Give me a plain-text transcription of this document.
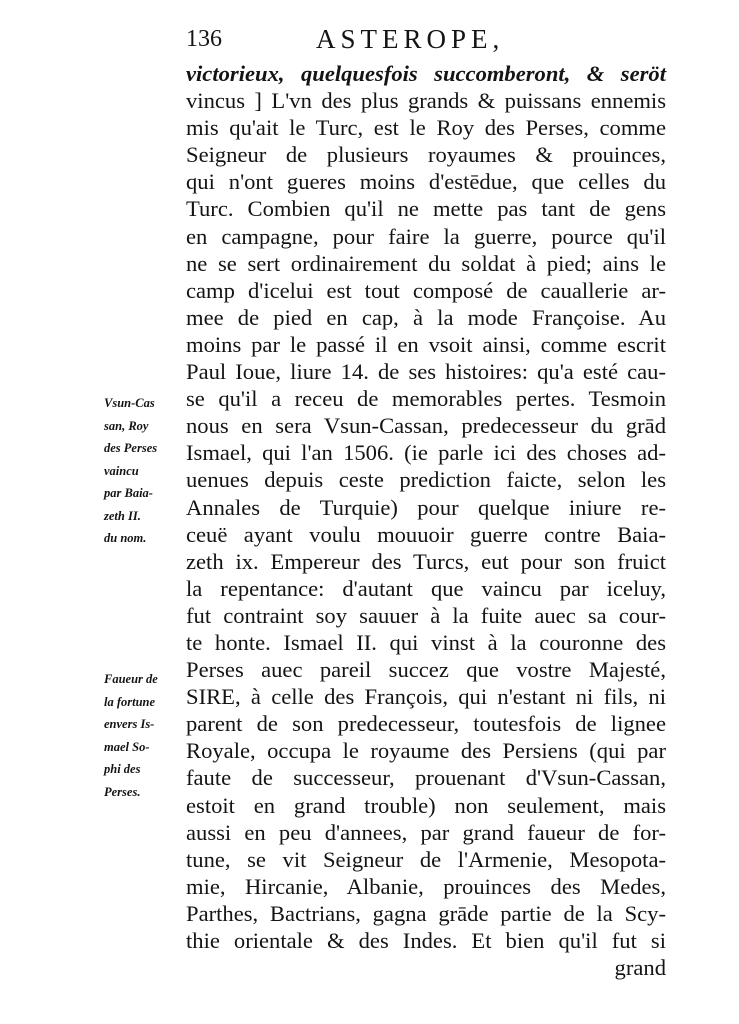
136	ASTEROPE,
Vsun-Cas
san, Roy
des Perses
vaincu
par Baia-
zeth II.
du nom.
Faueur de
la fortune
envers Is-
mael So-
phi des
Perses.
victorieux, quelquesfois succomberont, & seröt
vincus ] L'vn des plus grands & puissans ennemis
mis qu'ait le Turc, est le Roy des Perses, comme
Seigneur de plusieurs royaumes & prouinces,
qui n'ont gueres moins d'estēdue, que celles du
Turc. Combien qu'il ne mette pas tant de gens
en campagne, pour faire la guerre, pource qu'il
ne se sert ordinairement du soldat à pied; ains le
camp d'icelui est tout composé de cauallerie ar-
mee de pied en cap, à la mode Françoise. Au
moins par le passé il en vsoit ainsi, comme escrit
Paul Ioue, liure 14. de ses histoires: qu'a esté cau-
se qu'il a receu de memorables pertes. Tesmoin
nous en sera Vsun-Cassan, predecesseur du grād
Ismael, qui l'an 1506. (ie parle ici des choses ad-
uenues depuis ceste prediction faicte, selon les
Annales de Turquie) pour quelque iniure re-
ceuë ayant voulu mouuoir guerre contre Baia-
zeth ix. Empereur des Turcs, eut pour son fruict
la repentance: d'autant que vaincu par iceluy,
fut contraint soy sauuer à la fuite auec sa cour-
te honte. Ismael II. qui vinst à la couronne des
Perses auec pareil succez que vostre Majesté,
SIRE, à celle des François, qui n'estant ni fils, ni
parent de son predecesseur, toutesfois de lignee
Royale, occupa le royaume des Persiens (qui par
faute de successeur, prouenant d'Vsun-Cassan,
estoit en grand trouble) non seulement, mais
aussi en peu d'annees, par grand faueur de for-
tune, se vit Seigneur de l'Armenie, Mesopota-
mie, Hircanie, Albanie, prouinces des Medes,
Parthes, Bactrians, gagna grāde partie de la Scy-
thie orientale & des Indes. Et bien qu'il fut si
grand
